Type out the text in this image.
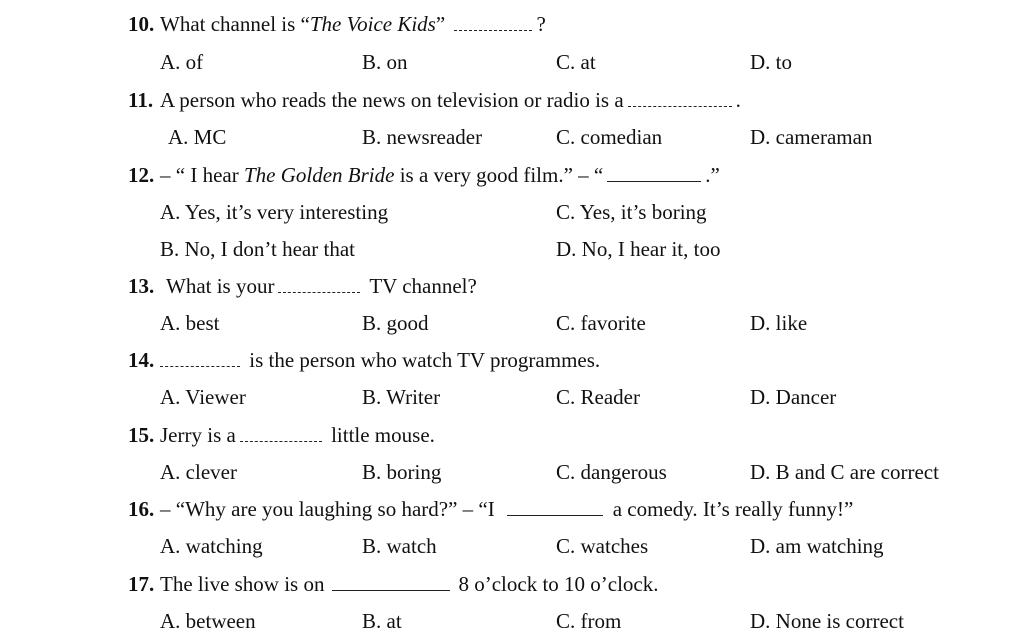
10. What channel is “The Voice Kids”	?
A. of	B. on	C. at	D. to
11. A person who reads the news on television or radio is a	.
A. MC	B. newsreader	C. comedian	D. cameraman
12. – “ I hear The Golden Bride is a very good film.” – “	.”
A. Yes, it’s very interesting	C. Yes, it’s boring
B. No, I don’t hear that	D. No, I hear it, too
13. What is your	TV channel?
A. best	B. good	C. favorite	D. like
14.	is the person who watch TV programmes.
A. Viewer	B. Writer	C. Reader	D. Dancer
15. Jerry is a	little mouse.
A. clever	B. boring	C. dangerous	D. B and C are correct
16. – “Why are you laughing so hard?” – “I	a comedy. It’s really funny!”
A. watching	B. watch	C. watches	D. am watching
17. The live show is on	8 o’clock to 10 o’clock.
A. between	B. at	C. from	D. None is correct
